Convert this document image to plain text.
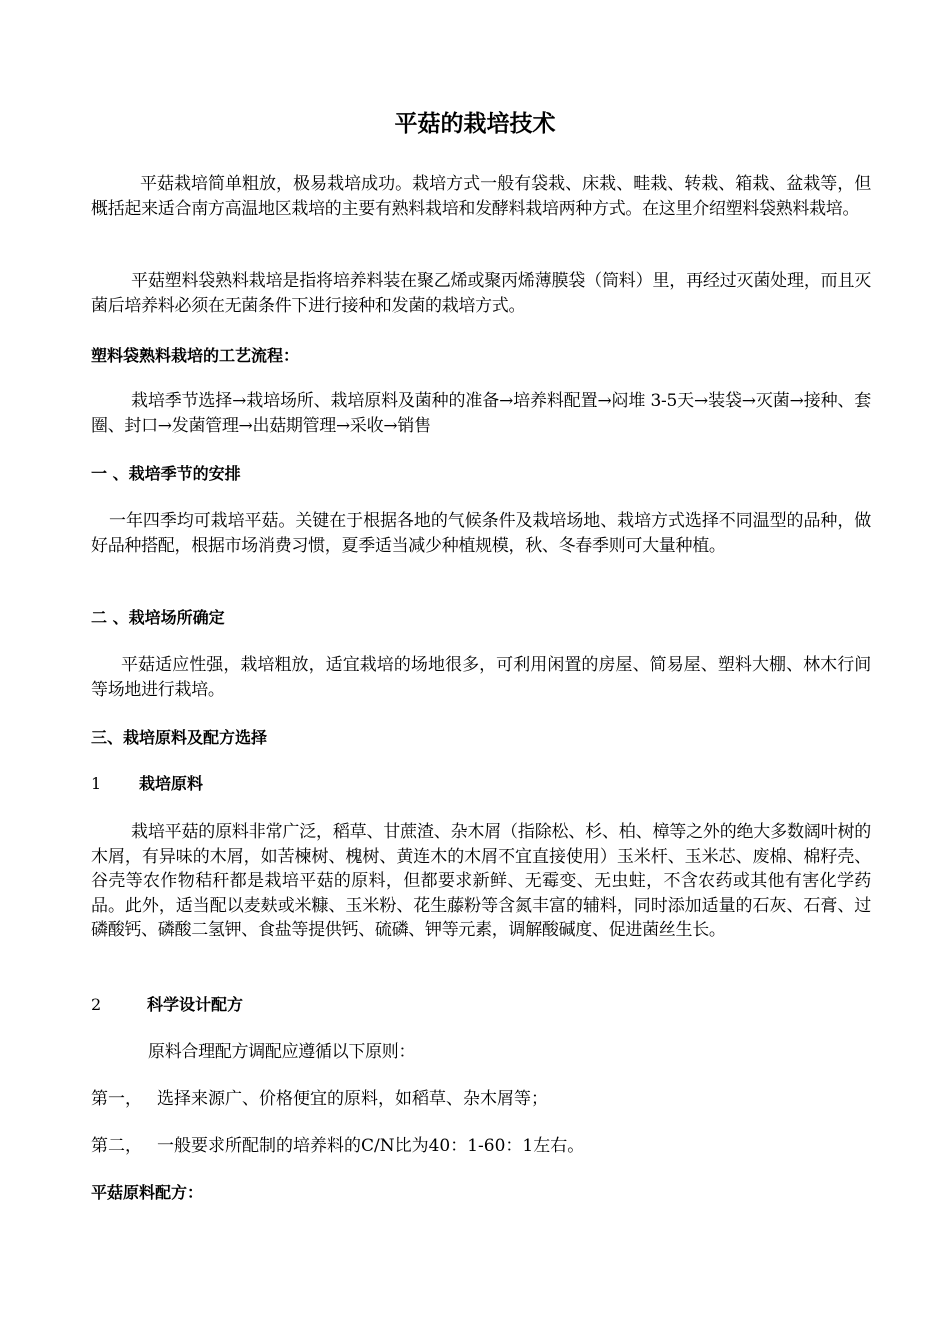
平菇的栽培技术

平菇栽培简单粗放，极易栽培成功。栽培方式一般有袋栽、床栽、畦栽、转栽、箱栽、盆栽等，但概括起来适合南方高温地区栽培的主要有熟料栽培和发酵料栽培两种方式。在这里介绍塑料袋熟料栽培。

平菇塑料袋熟料栽培是指将培养料装在聚乙烯或聚丙烯薄膜袋（筒料）里，再经过灭菌处理，而且灭菌后培养料必须在无菌条件下进行接种和发菌的栽培方式。

塑料袋熟料栽培的工艺流程：

栽培季节选择→栽培场所、栽培原料及菌种的准备→培养料配置→闷堆 3-5天→装袋→灭菌→接种、套圈、封口→发菌管理→出菇期管理→采收→销售

一 、栽培季节的安排

一年四季均可栽培平菇。关键在于根据各地的气候条件及栽培场地、栽培方式选择不同温型的品种，做好品种搭配，根据市场消费习惯，夏季适当减少种植规模，秋、冬春季则可大量种植。

二 、栽培场所确定

平菇适应性强，栽培粗放，适宜栽培的场地很多，可利用闲置的房屋、简易屋、塑料大棚、林木行间等场地进行栽培。

三、栽培原料及配方选择
1 栽培原料

栽培平菇的原料非常广泛，稻草、甘蔗渣、杂木屑（指除松、杉、柏、樟等之外的绝大多数阔叶树的木屑，有异味的木屑，如苦楝树、槐树、黄连木的木屑不宜直接使用）玉米杆、玉米芯、废棉、棉籽壳、谷壳等农作物秸秆都是栽培平菇的原料，但都要求新鲜、无霉变、无虫蛀，不含农药或其他有害化学药品。此外，适当配以麦麸或米糠、玉米粉、花生藤粉等含氮丰富的辅料，同时添加适量的石灰、石膏、过磷酸钙、磷酸二氢钾、食盐等提供钙、硫磷、钾等元素，调解酸碱度、促进菌丝生长。

2	科学设计配方

原料合理配方调配应遵循以下原则：

第一， 选择来源广、价格便宜的原料，如稻草、杂木屑等；

第二， 一般要求所配制的培养料的C/N比为40：1-60：1左右。

平菇原料配方：
